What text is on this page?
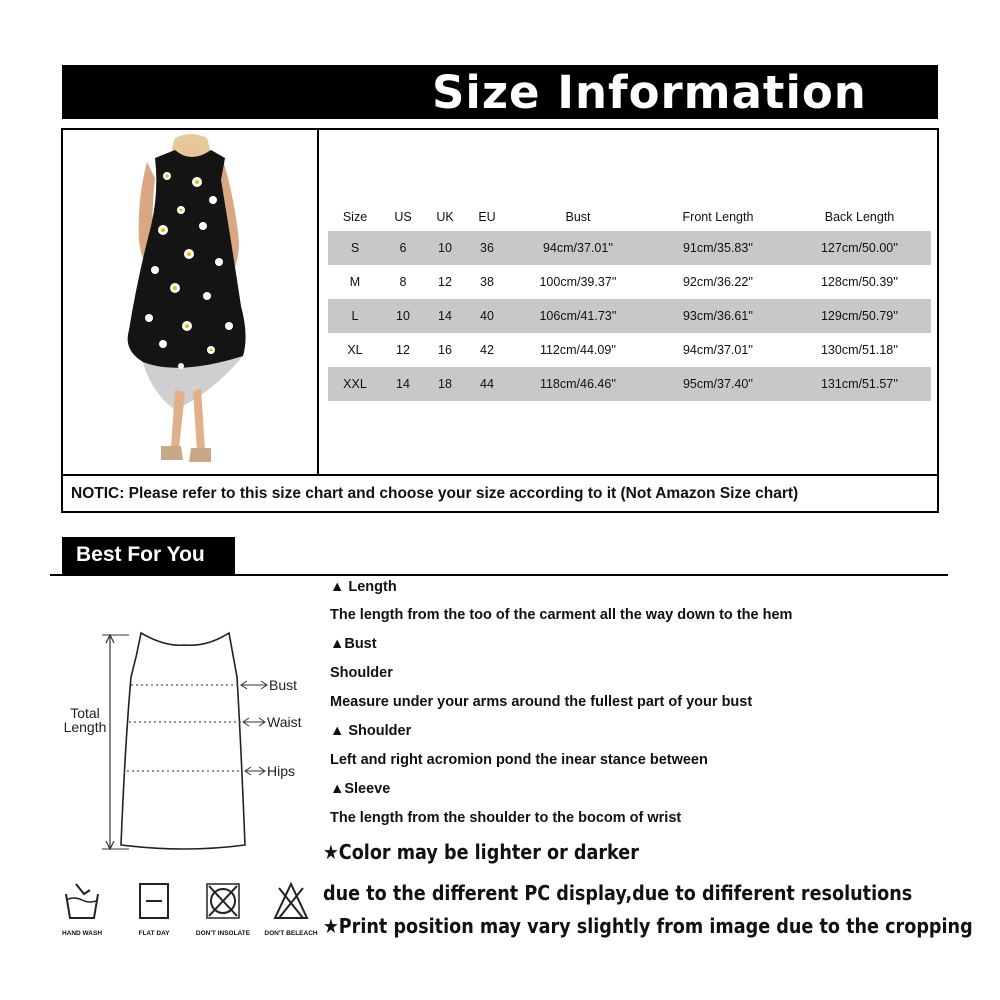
Size Information
Size	US	UK	EU	Bust	Front Length	Back Length
S	6	10	36	94cm/37.01''	91cm/35.83''	127cm/50.00''
M	8	12	38	100cm/39.37''	92cm/36.22''	128cm/50.39''
L	10	14	40	106cm/41.73''	93cm/36.61''	129cm/50.79''
XL	12	16	42	112cm/44.09''	94cm/37.01''	130cm/51.18''
XXL	14	18	44	118cm/46.46''	95cm/37.40''	131cm/51.57''
NOTIC: Please refer to this size chart and choose your size according to it (Not Amazon Size chart)
Best For You
Total
Length
Bust
Waist
Hips
HAND WASH	FLAT DAY	DON'T INSOLATE	DON'T BELEACH
▲ Length
The length from the too of the carment all the way down to the hem
▲Bust
Shoulder
Measure under your arms around the fullest part of your bust
▲ Shoulder
Left and right acromion pond the inear stance between
▲Sleeve
The length from the shoulder to the bocom of wrist
★Color may be lighter or darker
due to the different PC display,due to dififerent resolutions
★Print position may vary slightly from image due to the cropping
